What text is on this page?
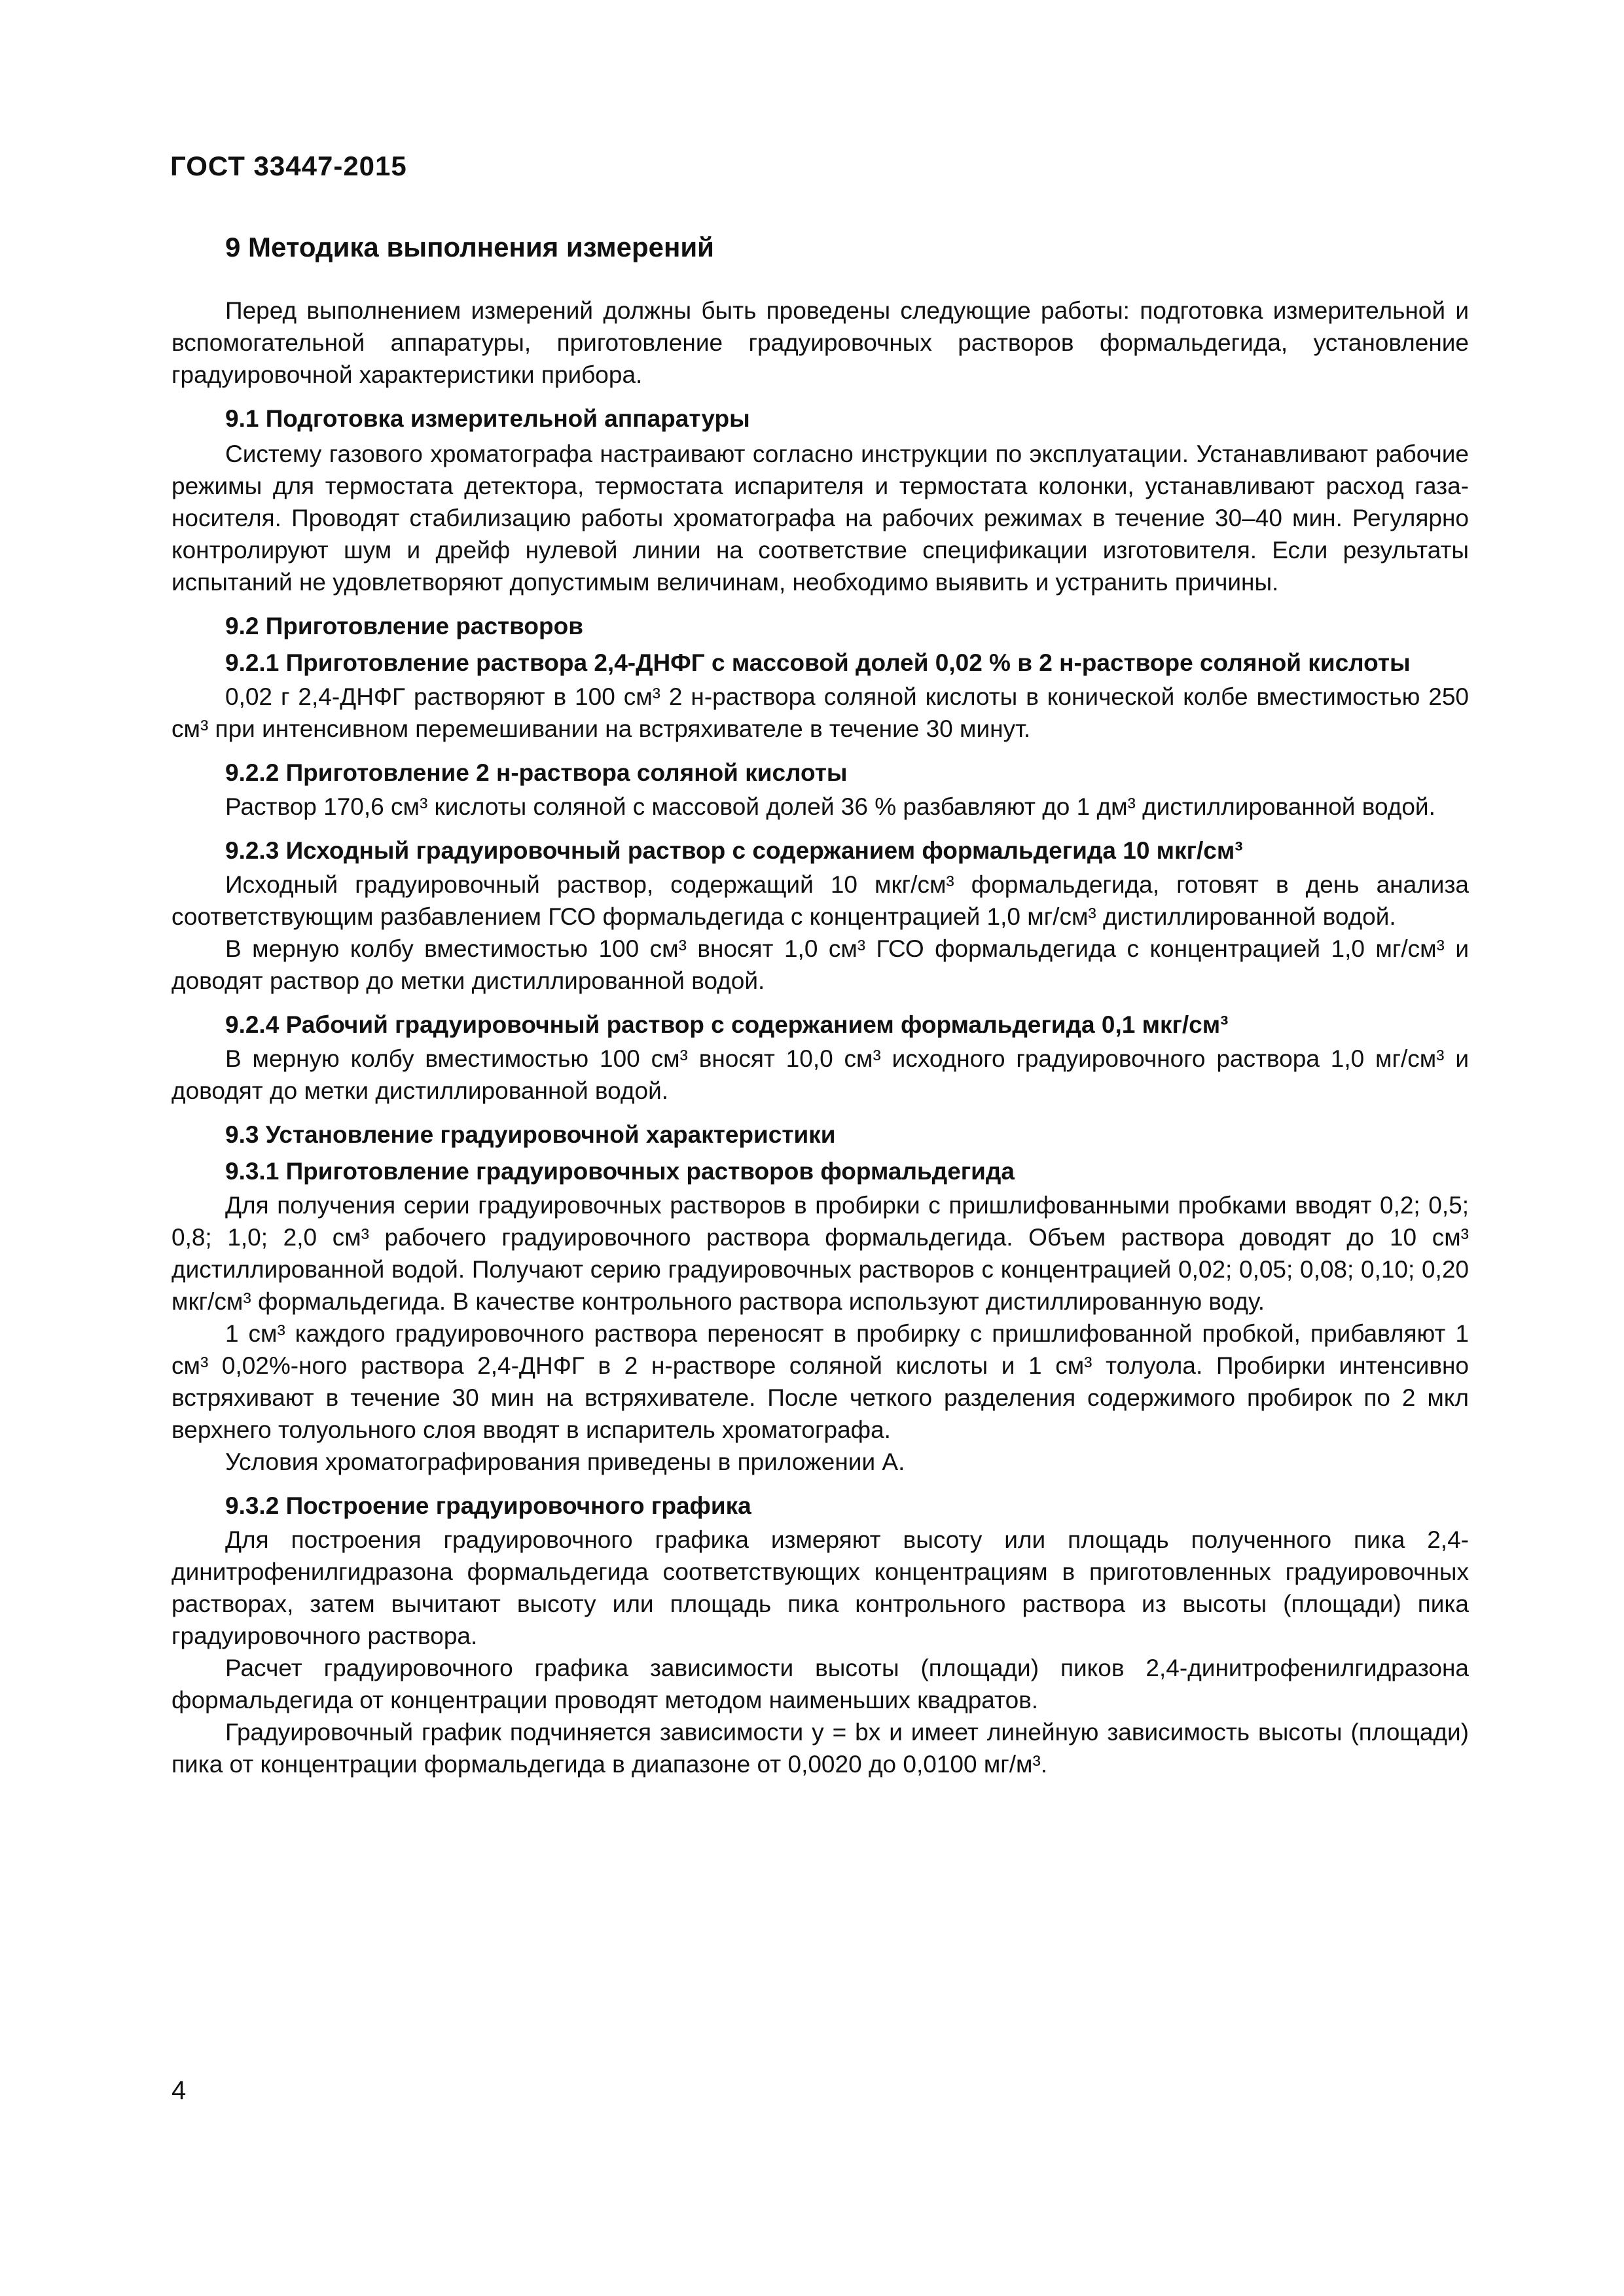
ГОСТ 33447-2015
9 Методика выполнения измерений

Перед выполнением измерений должны быть проведены следующие работы: подготовка измерительной и вспомогательной аппаратуры, приготовление градуировочных растворов формальдегида, установление градуировочной характеристики прибора.

9.1 Подготовка измерительной аппаратуры

Систему газового хроматографа настраивают согласно инструкции по эксплуатации. Устанавливают рабочие режимы для термостата детектора, термостата испарителя и термостата колонки, устанавливают расход газа-носителя. Проводят стабилизацию работы хроматографа на рабочих режимах в течение 30–40 мин. Регулярно контролируют шум и дрейф нулевой линии на соответствие спецификации изготовителя. Если результаты испытаний не удовлетворяют допустимым величинам, необходимо выявить и устранить причины.

9.2 Приготовление растворов
9.2.1 Приготовление раствора 2,4-ДНФГ с массовой долей 0,02 % в 2 н-растворе соляной кислоты

0,02 г 2,4-ДНФГ растворяют в 100 см³ 2 н-раствора соляной кислоты в конической колбе вместимостью 250 см³ при интенсивном перемешивании на встряхивателе в течение 30 минут.

9.2.2 Приготовление 2 н-раствора соляной кислоты

Раствор 170,6 см³ кислоты соляной с массовой долей 36 % разбавляют до 1 дм³ дистиллированной водой.

9.2.3 Исходный градуировочный раствор с содержанием формальдегида 10 мкг/см³

Исходный градуировочный раствор, содержащий 10 мкг/см³ формальдегида, готовят в день анализа соответствующим разбавлением ГСО формальдегида с концентрацией 1,0 мг/см³ дистиллированной водой.

В мерную колбу вместимостью 100 см³ вносят 1,0 см³ ГСО формальдегида с концентрацией 1,0 мг/см³ и доводят раствор до метки дистиллированной водой.

9.2.4 Рабочий градуировочный раствор с содержанием формальдегида 0,1 мкг/см³

В мерную колбу вместимостью 100 см³ вносят 10,0 см³ исходного градуировочного раствора 1,0 мг/см³ и доводят до метки дистиллированной водой.

9.3 Установление градуировочной характеристики
9.3.1 Приготовление градуировочных растворов формальдегида

Для получения серии градуировочных растворов в пробирки с пришлифованными пробками вводят 0,2; 0,5; 0,8; 1,0; 2,0 см³ рабочего градуировочного раствора формальдегида. Объем раствора доводят до 10 см³ дистиллированной водой. Получают серию градуировочных растворов с концентрацией 0,02; 0,05; 0,08; 0,10; 0,20 мкг/см³ формальдегида. В качестве контрольного раствора используют дистиллированную воду.

1 см³ каждого градуировочного раствора переносят в пробирку с пришлифованной пробкой, прибавляют 1 см³ 0,02%-ного раствора 2,4-ДНФГ в 2 н-растворе соляной кислоты и 1 см³ толуола. Пробирки интенсивно встряхивают в течение 30 мин на встряхивателе. После четкого разделения содержимого пробирок по 2 мкл верхнего толуольного слоя вводят в испаритель хроматографа.

Условия хроматографирования приведены в приложении А.

9.3.2 Построение градуировочного графика

Для построения градуировочного графика измеряют высоту или площадь полученного пика 2,4-динитрофенилгидразона формальдегида соответствующих концентрациям в приготовленных градуировочных растворах, затем вычитают высоту или площадь пика контрольного раствора из высоты (площади) пика градуировочного раствора.

Расчет градуировочного графика зависимости высоты (площади) пиков 2,4-динитрофенилгидразона формальдегида от концентрации проводят методом наименьших квадратов.

Градуировочный график подчиняется зависимости y = bx и имеет линейную зависимость высоты (площади) пика от концентрации формальдегида в диапазоне от 0,0020 до 0,0100 мг/м³.

4
